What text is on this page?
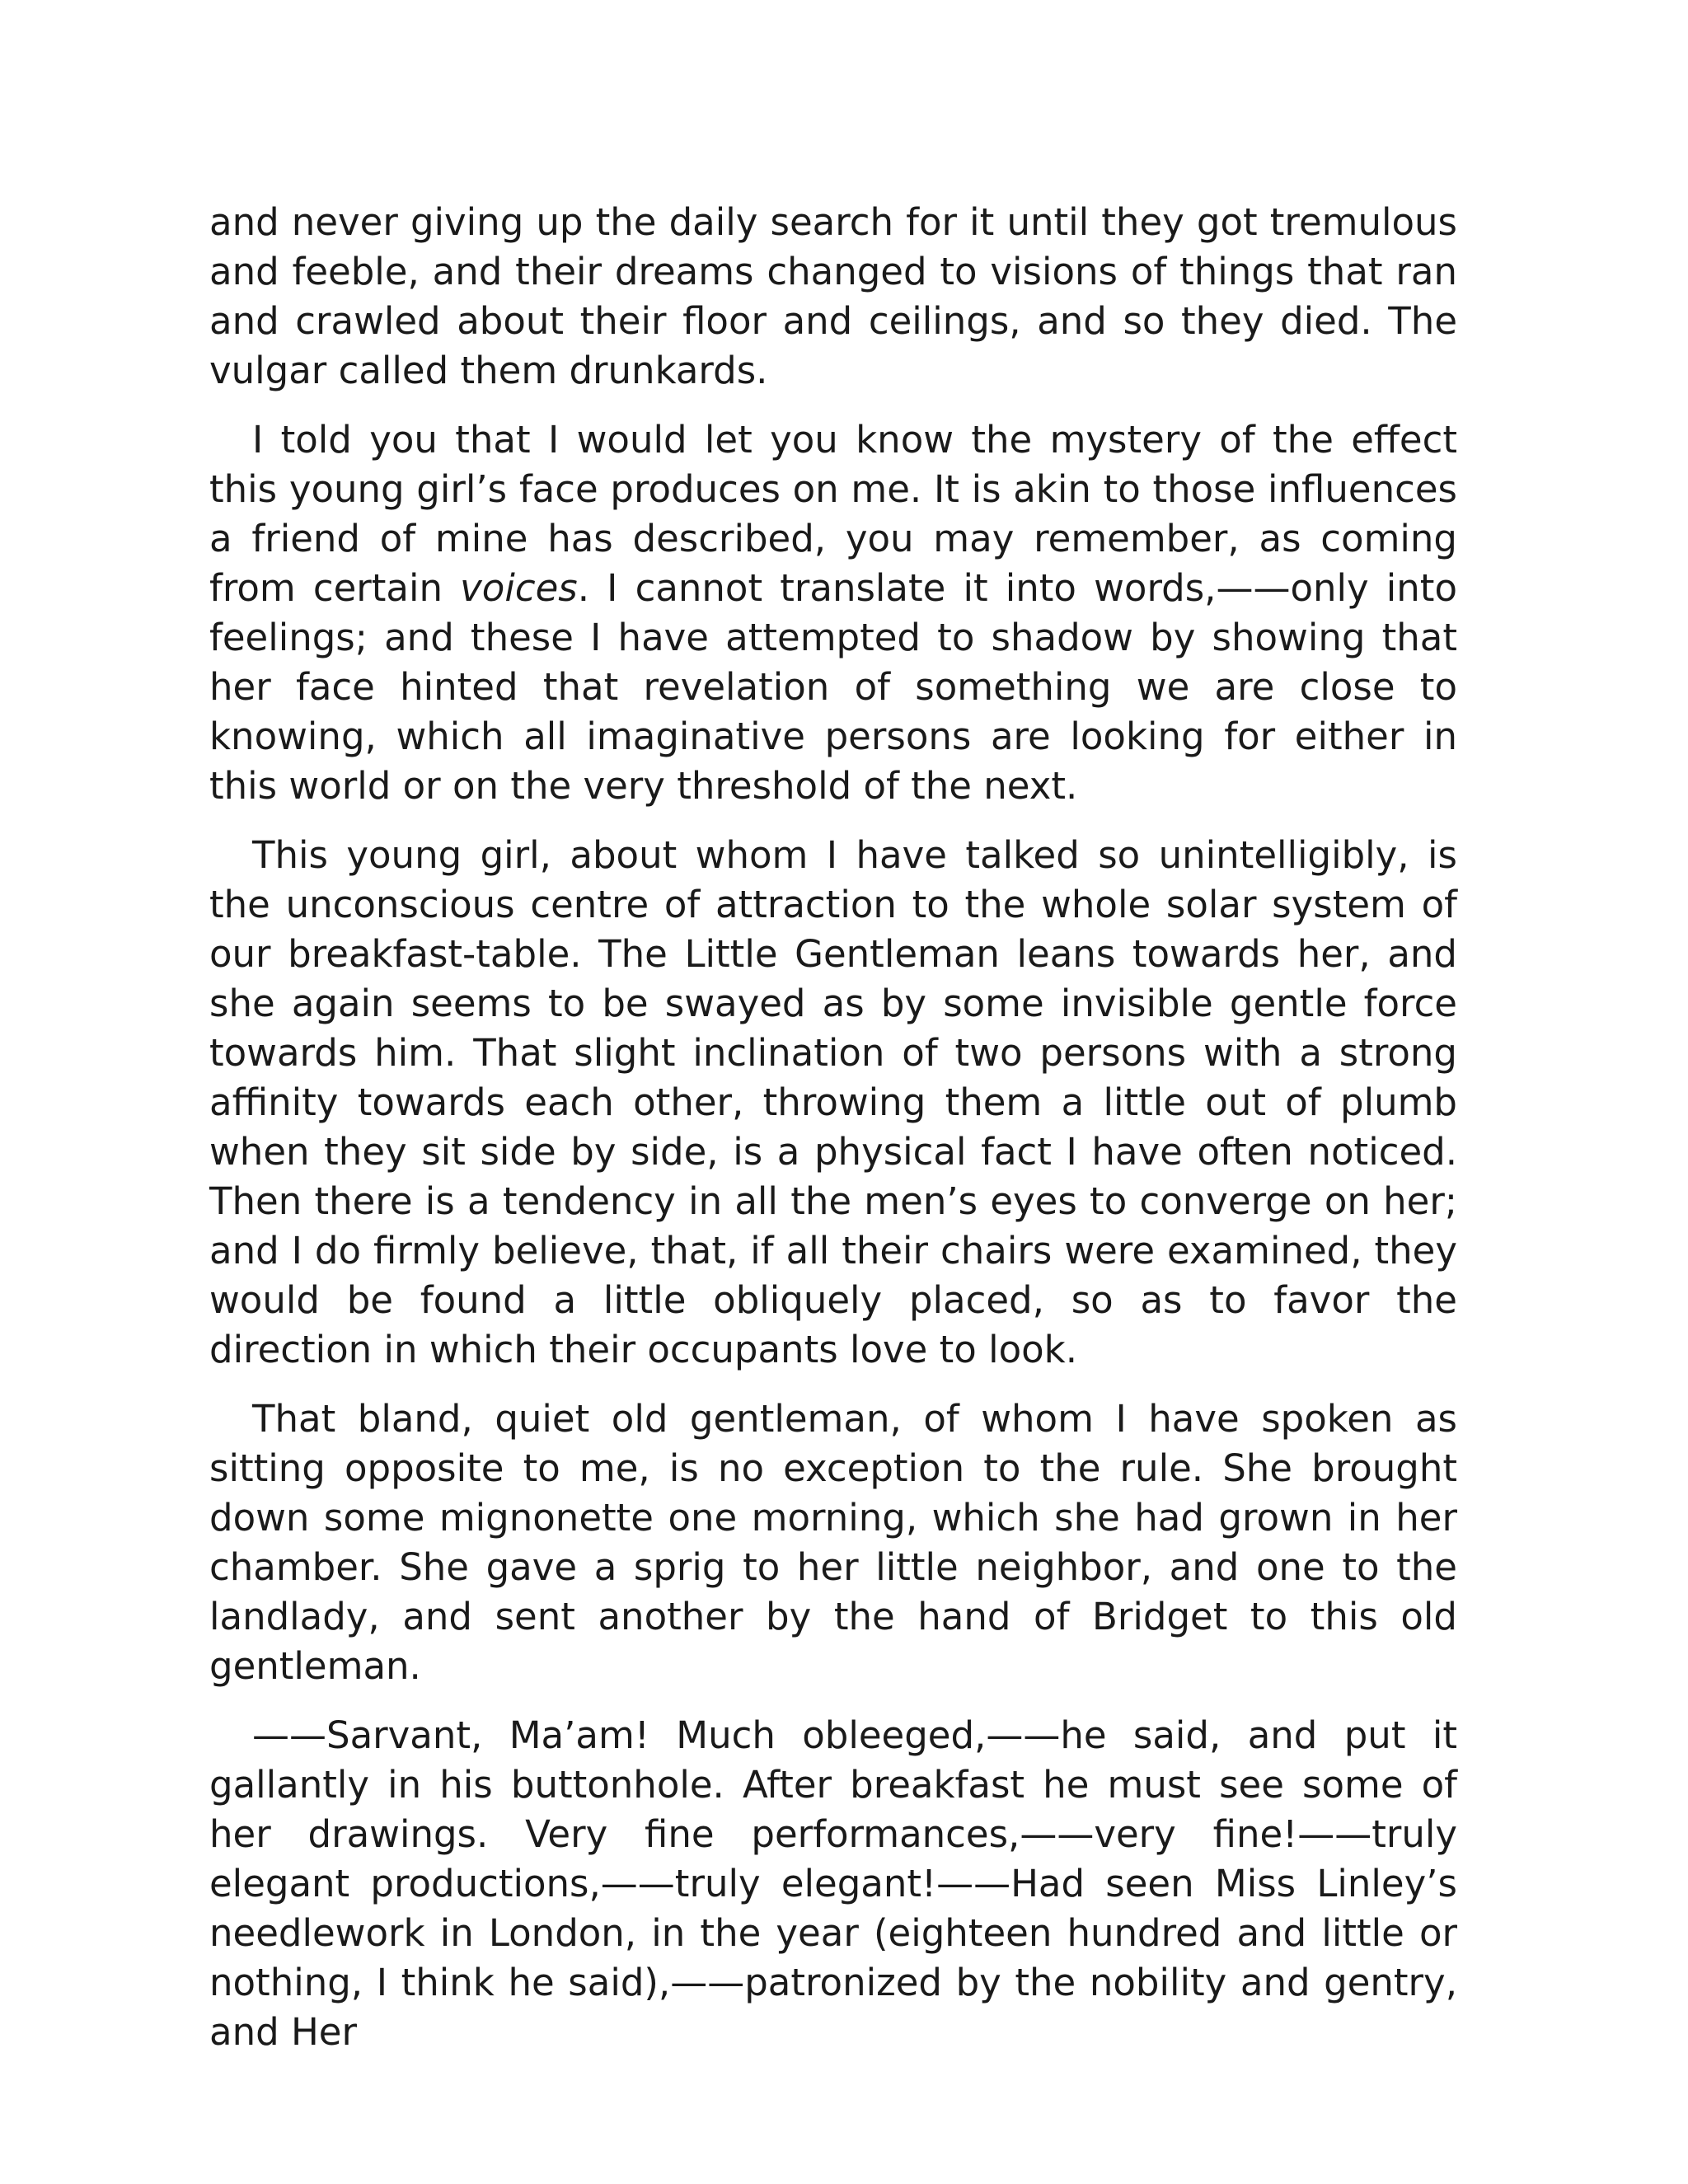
and never giving up the daily search for it until they got tremulous and feeble, and their dreams changed to visions of things that ran and crawled about their floor and ceilings, and so they died. The vulgar called them drunkards.

I told you that I would let you know the mystery of the effect this young girl’s face produces on me. It is akin to those influences a friend of mine has described, you may remember, as coming from certain voices. I cannot translate it into words,——only into feelings; and these I have attempted to shadow by showing that her face hinted that revelation of something we are close to knowing, which all imaginative persons are looking for either in this world or on the very threshold of the next.

This young girl, about whom I have talked so unintelligibly, is the unconscious centre of attraction to the whole solar system of our breakfast-table. The Little Gentleman leans towards her, and she again seems to be swayed as by some invisible gentle force towards him. That slight inclination of two persons with a strong affinity towards each other, throwing them a little out of plumb when they sit side by side, is a physical fact I have often noticed. Then there is a tendency in all the men’s eyes to converge on her; and I do firmly believe, that, if all their chairs were examined, they would be found a little obliquely placed, so as to favor the direction in which their occupants love to look.

That bland, quiet old gentleman, of whom I have spoken as sitting opposite to me, is no exception to the rule. She brought down some mignonette one morning, which she had grown in her chamber. She gave a sprig to her little neighbor, and one to the landlady, and sent another by the hand of Bridget to this old gentleman.

——Sarvant, Ma’am! Much obleeged,——he said, and put it gallantly in his buttonhole. After breakfast he must see some of her drawings. Very fine performances,——very fine!——truly elegant productions,——truly elegant!——Had seen Miss Linley’s needlework in London, in the year (eighteen hundred and little or nothing, I think he said),——patronized by the nobility and gentry, and Her
